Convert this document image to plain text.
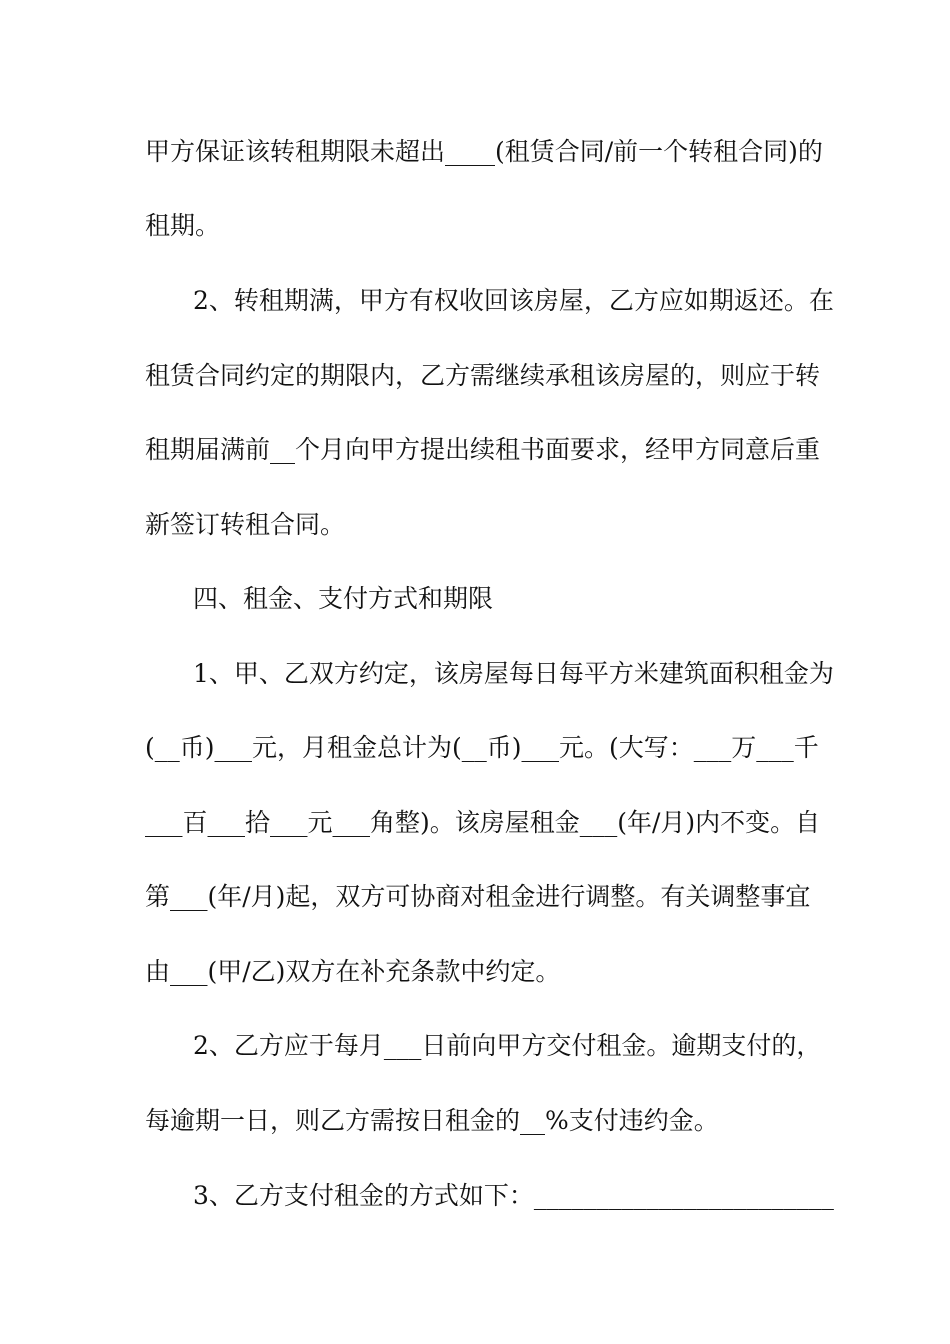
甲方保证该转租期限未超出____(租赁合同/前一个转租合同)的
租期。
2、转租期满，甲方有权收回该房屋，乙方应如期返还。在
租赁合同约定的期限内，乙方需继续承租该房屋的，则应于转
租期届满前__个月向甲方提出续租书面要求，经甲方同意后重
新签订转租合同。
四、租金、支付方式和期限
1、甲、乙双方约定，该房屋每日每平方米建筑面积租金为
(__币)___元，月租金总计为(__币)___元。(大写：___万___千
___百___拾___元___角整)。该房屋租金___(年/月)内不变。自
第___(年/月)起，双方可协商对租金进行调整。有关调整事宜
由___(甲/乙)双方在补充条款中约定。
2、乙方应于每月___日前向甲方交付租金。逾期支付的，
每逾期一日，则乙方需按日租金的__%支付违约金。
3、乙方支付租金的方式如下：________________________
